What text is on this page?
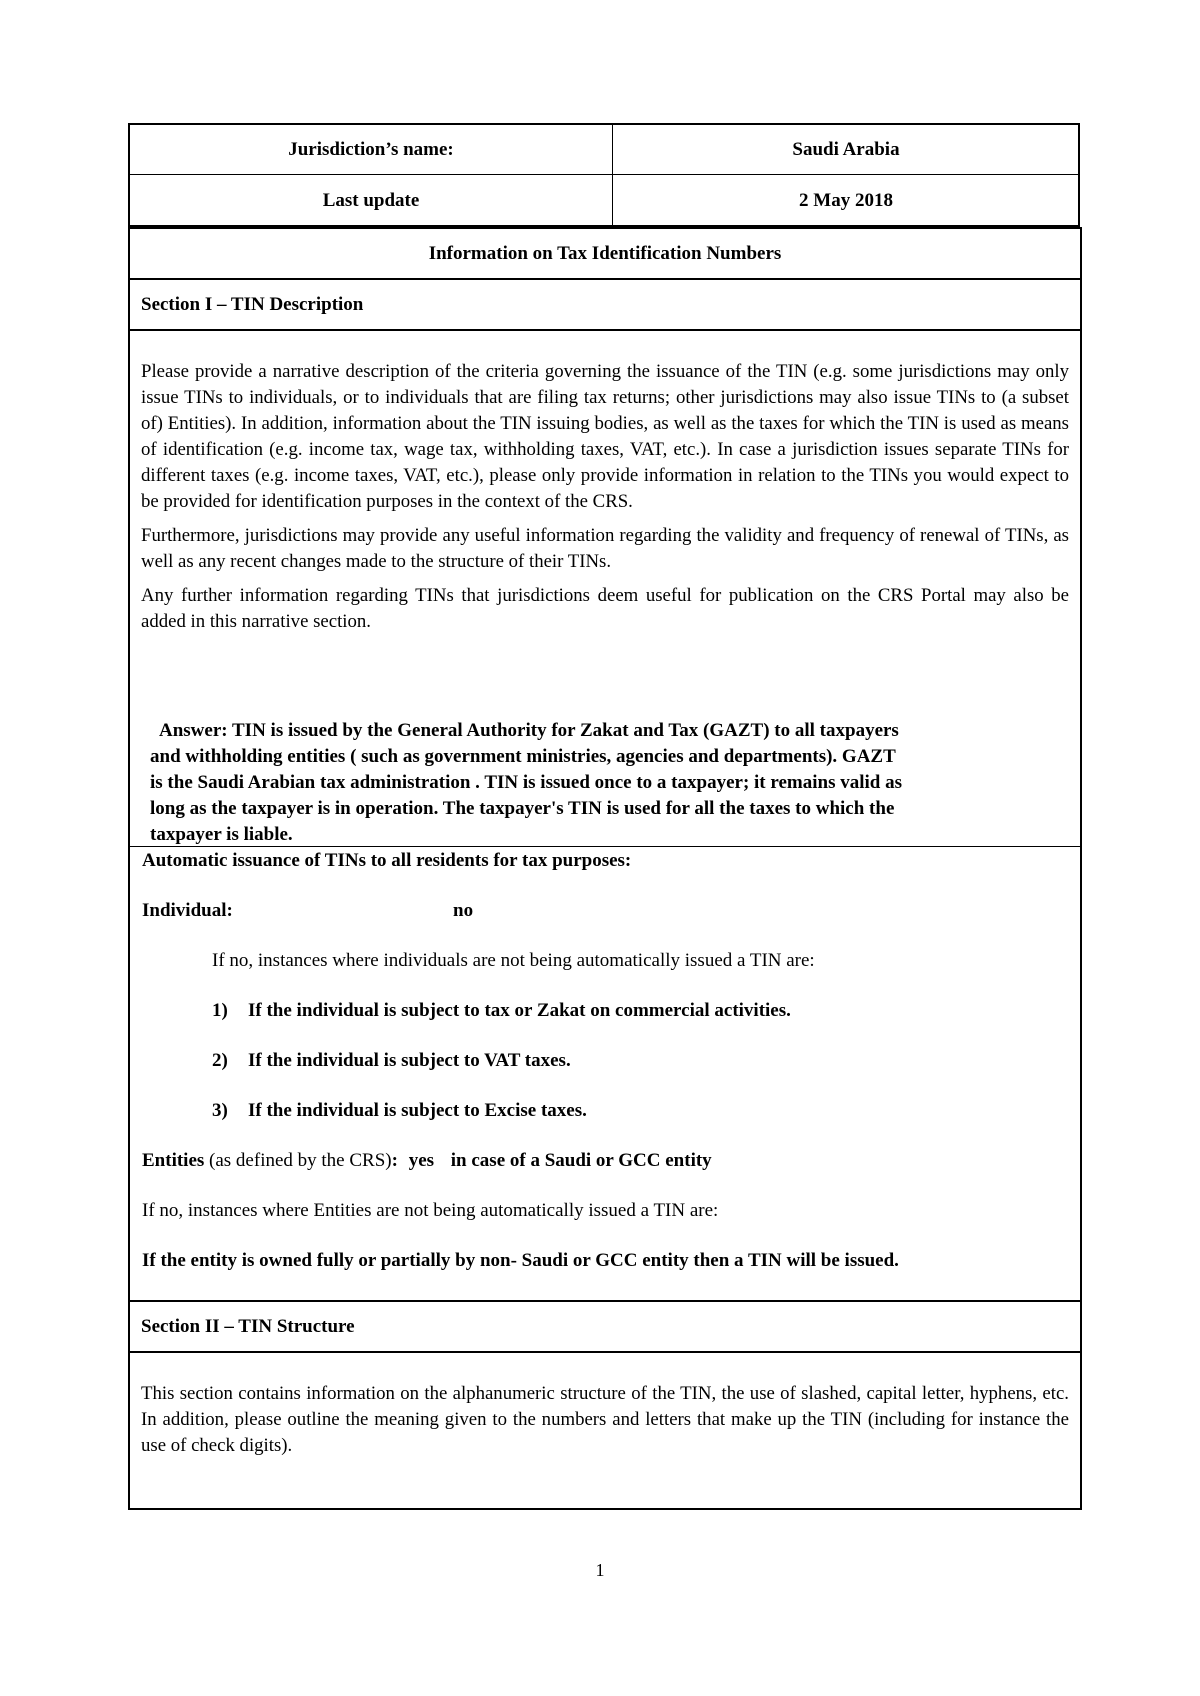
Jurisdiction’s name:	Saudi Arabia
Last update	2 May 2018
Information on Tax Identification Numbers
Section I – TIN Description

Please provide a narrative description of the criteria governing the issuance of the TIN (e.g. some jurisdictions may only issue TINs to individuals, or to individuals that are filing tax returns; other jurisdictions may also issue TINs to (a subset of) Entities). In addition, information about the TIN issuing bodies, as well as the taxes for which the TIN is used as means of identification (e.g. income tax, wage tax, withholding taxes, VAT, etc.). In case a jurisdiction issues separate TINs for different taxes (e.g. income taxes, VAT, etc.), please only provide information in relation to the TINs you would expect to be provided for identification purposes in the context of the CRS.

Furthermore, jurisdictions may provide any useful information regarding the validity and frequency of renewal of TINs, as well as any recent changes made to the structure of their TINs.

Any further information regarding TINs that jurisdictions deem useful for publication on the CRS Portal may also be added in this narrative section.

Answer: TIN is issued by the General Authority for Zakat and Tax (GAZT) to all taxpayers
and withholding entities ( such as government ministries, agencies and departments). GAZT
is the Saudi Arabian tax administration . TIN is issued once to a taxpayer; it remains valid as
long as the taxpayer is in operation. The taxpayer's TIN is used for all the taxes to which the
taxpayer is liable.
Automatic issuance of TINs to all residents for tax purposes:
Individual:	no
If no, instances where individuals are not being automatically issued a TIN are:
1) If the individual is subject to tax or Zakat on commercial activities.
2) If the individual is subject to VAT taxes.
3) If the individual is subject to Excise taxes.
Entities (as defined by the CRS): yes in case of a Saudi or GCC entity
If no, instances where Entities are not being automatically issued a TIN are:
If the entity is owned fully or partially by non- Saudi or GCC entity then a TIN will be issued.
Section II – TIN Structure

This section contains information on the alphanumeric structure of the TIN, the use of slashed, capital letter, hyphens, etc. In addition, please outline the meaning given to the numbers and letters that make up the TIN (including for instance the use of check digits).

1
